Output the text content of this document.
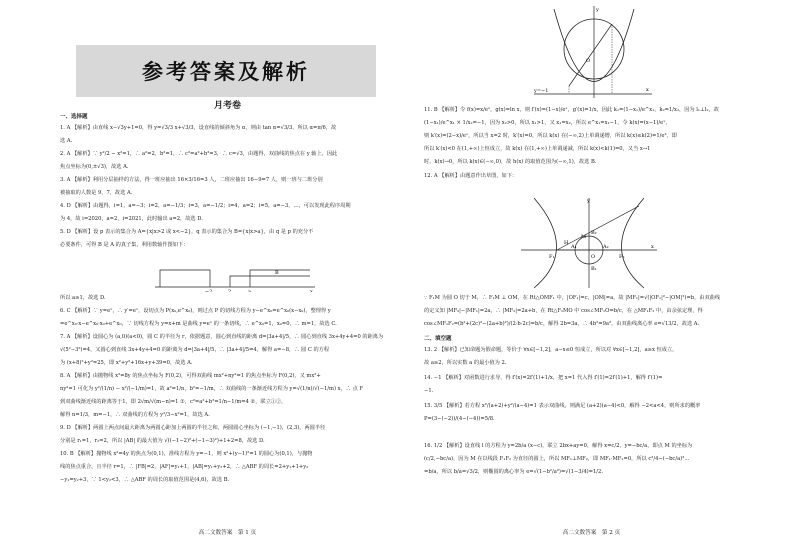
参考答案及解析
月考卷
一、选择题

1. A 【解析】由直线 x−√3y+1=0，得 y=√3/3 x+√3/3，设直线的倾斜角为 α，则由 tan α=√3/3，所以 α=π/6，故

选 A.

2. A 【解析】∵ y²/2 − x²=1，∴ a²=2，b²=1，∴ c²=a²+b²=3，∴ c=√3，由题得，双曲线的焦点在 y 轴上，因此

焦点坐标为(0,±√3)，故选 A.

3. A 【解析】利用分层抽样的方法，得一班应抽出 16×3/16=3 人，二班应抽出 16−9=7 人，则一班与二班分别

被抽取的人数是 9，7，故选 A.

4. D 【解析】由题得，i=1，a=−3；i=2，a=−1/3；i=3，a=−1/2；i=4，a=2；i=5，a=−3，…，可以发现此程序周期

为 4，故 i=2020，a=2，i=2021，此时输出 a=2，故选 D.

5. D 【解析】设 p 表示的集合为 A={x|x>2 或 x<−2}，q 表示的集合为 B={x|x>a}，由 q 是 p 的充分不

必要条件，可得 B 是 A 的真子集，利用数轴作图如下：

−2	2	a	x
B

所以 a≥1，故选 D.

6. C 【解析】∵ y=eˣ，∴ y′=eˣ，设切点为 P(x₀,e^x₀)，则过点 P 的切线方程为 y−e^x₀=e^x₀(x−x₀)，整理得 y

=e^x₀·x−e^x₀·x₀+e^x₀，∵ 切线方程为 y=x+m 是曲线 y=eˣ 的一条切线，∴ e^x₀=1，x₀=0，∴ m=1，故选 C.

7. A 【解析】设圆心为 (a,0)(a<0)，圆 C 的半径为 r，依据题意，圆心到直线的距离 d=|3a+4|/5，∴ 圆心到直线 3x+4y+4=0 的距离为

√(5²−3²)=4，又圆心到直线 3x+4y+4=0 的距离为 d=|3a+4|/5，∴ |3a+4|/5=4，解得 a=−8，∴ 圆 C 的方程

为 (x+8)²+y²=25，即 x²+y²+16x+y+39=0，故选 A.

8. A 【解析】由抛物线 x²=8y 的焦点坐标为 F(0,2)，可得双曲线 mx²+ny²=1 的焦点坐标为 F(0,2)，又 mx²+

ny²=1 可化为 y²/(1/n) − x²/(−1/m)=1，故 a²=1/n，b²=−1/m，∴ 双曲线的一条渐近线方程为 y=√(1/n)/√(−1/m) x，∴ 点 F

到双曲线渐近线的距离等于1，即 2√m/√(m−n)=1 ①，c²=a²+b²=1/n−1/m=4 ②，联立①②，

解得 n=1/3，m=−1，∴ 双曲线的方程为 y²/3−x²=1，故选 A.

9. D 【解析】两圆上两点间最大距离为两圆心距加上两圆的半径之和，两圆圆心坐标为 (−1,−1)，(2,3)，两圆半径

分别是 r₁=1，r₂=2，所以 |AB| 的最大值为 √((−1−2)²+(−1−3)²)+1+2=8，故选 D.

10. B 【解析】抛物线 x²=4y 的焦点为(0,1)，准线方程为 y=−1，则 x²+(y−1)²=1 的圆心为(0,1)，与抛物

线的焦点重合，且半径 r=1，∴ |FB|=2，|AF|=y₁+1，|AB|=y₁+y₂+2，∴ △ABF 的周长=2+y₁+1+y₂

−y₁=y₂+3，∵ 1<y₂<3，∴ △ABF 的周长的取值范围是(4,6)，故选 B.

高二文数答案　第 1 页
y
x
O
y=−1

11. B 【解析】令 f(x)=x/eˣ，g(x)=ln x，则 f′(x)=(1−x)/eˣ，g′(x)=1/x，因此 k₁=(1−x₁)/e^x₁，k₂=1/x₂，因为 l₁⊥l₂，故

(1−x₁)/e^x₁ × 1/x₂=−1，因为 x₂>0，所以 x₁>1，又 x₁=x₂，所以 e^x₁=x₁−1，令 k(x)=(x−1)/eˣ，

则 k′(x)=(2−x)/eˣ，所以当 x=2 时，k′(x)=0，所以 k(x) 在(−∞,2)上单调递增，所以 k(x)≤k(2)=1/e²，即

所以 k′(x)<0 在(1,+∞)上恒成立，故 k(x) 在(1,+∞)上单调递减，所以 k(x)<k(1)=0，又当 x→1

时，k(x)→0，所以 k(x)∈(−∞,0)，故 h(x) 的取值范围为(−∞,1)，故选 B.

12. A 【解析】由题意作出草图，如下：

y
x
F₁	F₂
M
O
A₁	A₂
B₂
B₁
H

∵ F₁M 为圆 O 切于 M，∴ F₁M ⊥ OM，在 Rt△OMF₁ 中，|OF₁|=c，|OM|=a，故 |MF₁|=√(|OF₁|²−|OM|²)=b，由双曲线

的定义知 |MF₂|−|MF₁|=2a，∴ |MF₂|=2a+b，在 Rt△F₁MO 中 cos∠MF₁O=b/c，在 △MF₁F₂ 中，由余弦定理，得

cos∠MF₁F₂=(b²+(2c)²−(2a+b)²)/(2·b·2c)=b/c，解得 2b=3a，∴ 4b²=9a²，由双曲线离心率 e=√13/2，故选 A.

二、填空题

13. 2 【解析】已知命题为假命题，等价于 ∀x∈[−1,2]，a−x≤0 恒成立，所以对 ∀x∈[−1,2]，a≥x 恒成立，

故 a≥2，所以实数 a 的最小值为 2.

14. −1 【解析】对函数进行求导，得 f′(x)=2f′(1)+1/x，把 x=1 代入得 f′(1)=2f′(1)+1，解得 f′(1)=

−1.

15. 3/5 【解析】若方程 x²/(a+2)+y²/(a−4)=1 表示双曲线，则满足 (a+2)(a−4)<0，解得 −2<a<4，则所求的概率

P=(3−(−2))/(4−(−4))=5/8.

16. 1/2 【解析】设直线 l 的方程为 y=2b/a (x−c)，联立 2bx+ay=0，解得 x=c/2，y=−bc/a，即点 M 的坐标为

(c/2,−bc/a)，因为 M 在以线段 F₁F₂ 为直径的圆上，所以 MF₁⊥MF₂，即 MF₁·MF₂=0，所以 c²/4−(−bc/a)²…

=b/a，所以 b/a=√3/2，则椭圆的离心率为 e=√(1−b²/a²)=√(1−3/4)=1/2.

高二文数答案　第 2 页
